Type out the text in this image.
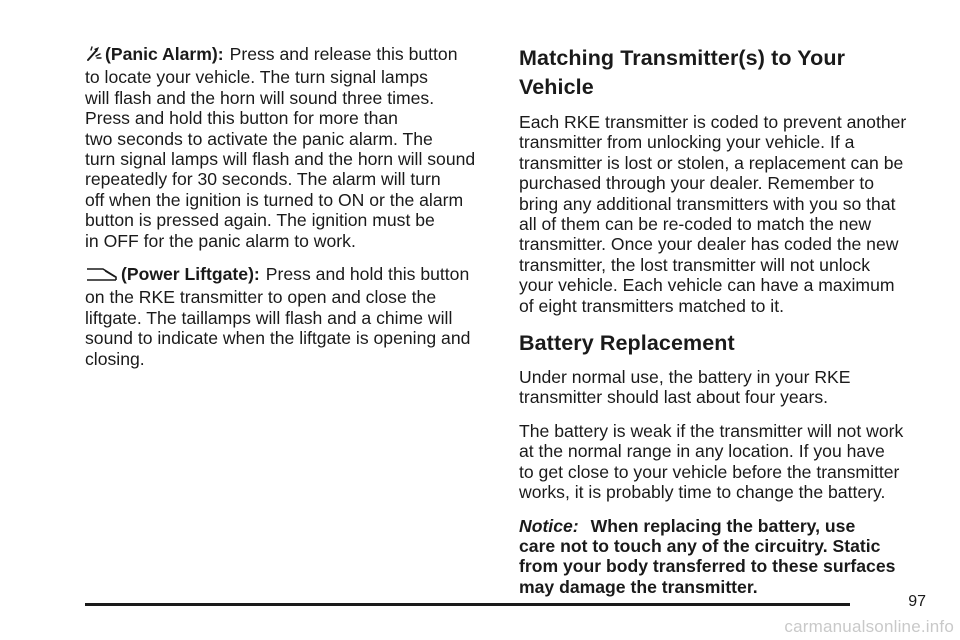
(Panic Alarm): Press and release this button

to locate your vehicle. The turn signal lamps

will flash and the horn will sound three times.

Press and hold this button for more than

two seconds to activate the panic alarm. The

turn signal lamps will flash and the horn will sound

repeatedly for 30 seconds. The alarm will turn

off when the ignition is turned to ON or the alarm

button is pressed again. The ignition must be

in OFF for the panic alarm to work.

(Power Liftgate): Press and hold this button

on the RKE transmitter to open and close the

liftgate. The taillamps will flash and a chime will

sound to indicate when the liftgate is opening and

closing.

Matching Transmitter(s) to Your
Vehicle

Each RKE transmitter is coded to prevent another

transmitter from unlocking your vehicle. If a

transmitter is lost or stolen, a replacement can be

purchased through your dealer. Remember to

bring any additional transmitters with you so that

all of them can be re-coded to match the new

transmitter. Once your dealer has coded the new

transmitter, the lost transmitter will not unlock

your vehicle. Each vehicle can have a maximum

of eight transmitters matched to it.

Battery Replacement

Under normal use, the battery in your RKE

transmitter should last about four years.

The battery is weak if the transmitter will not work

at the normal range in any location. If you have

to get close to your vehicle before the transmitter

works, it is probably time to change the battery.

Notice: When replacing the battery, use

care not to touch any of the circuitry. Static

from your body transferred to these surfaces

may damage the transmitter.

97
carmanualsonline.info
